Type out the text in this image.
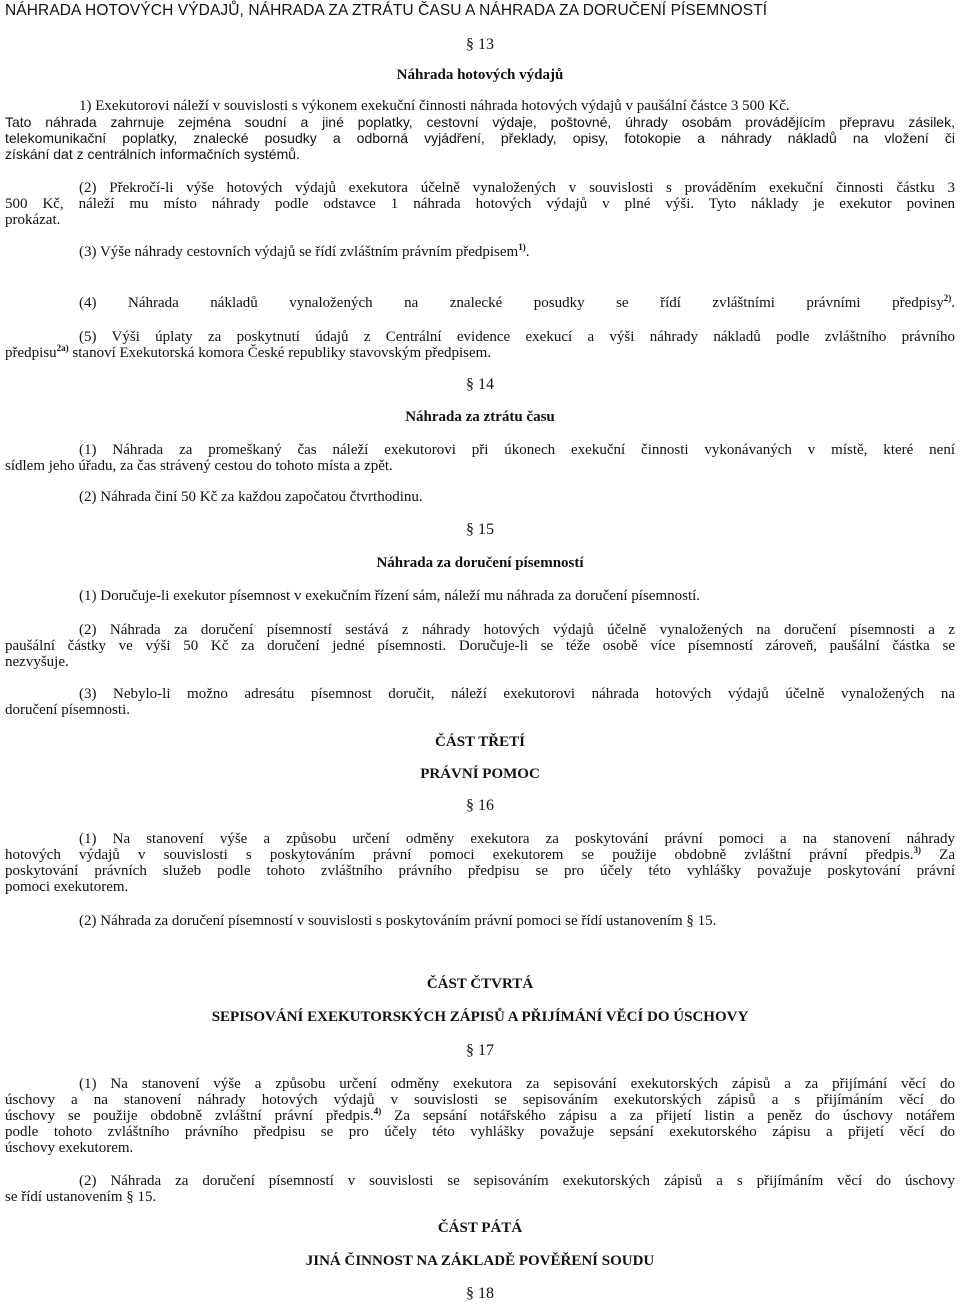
NÁHRADA HOTOVÝCH VÝDAJŮ, NÁHRADA ZA ZTRÁTU ČASU A NÁHRADA ZA DORUČENÍ PÍSEMNOSTÍ
§ 13
Náhrada hotových výdajů
1) Exekutorovi náleží v souvislosti s výkonem exekuční činnosti náhrada hotových výdajů v paušální částce 3 500 Kč.
Tato náhrada zahrnuje zejména soudní a jiné poplatky, cestovní výdaje, poštovné, úhrady osobám provádějícím přepravu zásilek,
telekomunikační poplatky, znalecké posudky a odborná vyjádření, překlady, opisy, fotokopie a náhrady nákladů na vložení či
získání dat z centrálních informačních systémů.
(2) Překročí-li výše hotových výdajů exekutora účelně vynaložených v souvislosti s prováděním exekuční činnosti částku 3
500 Kč, náleží mu místo náhrady podle odstavce 1 náhrada hotových výdajů v plné výši. Tyto náklady je exekutor povinen
prokázat.
(3) Výše náhrady cestovních výdajů se řídí zvláštním právním předpisem$^{1)}$.
(4) Náhrada nákladů vynaložených na znalecké posudky se řídí zvláštními právními předpisy$^{2)}$.
(5) Výši úplaty za poskytnutí údajů z Centrální evidence exekucí a výši náhrady nákladů podle zvláštního právního
předpisu$^{2a)}$ stanoví Exekutorská komora České republiky stavovským předpisem.
§ 14
Náhrada za ztrátu času
(1) Náhrada za promeškaný čas náleží exekutorovi při úkonech exekuční činnosti vykonávaných v místě, které není
sídlem jeho úřadu, za čas strávený cestou do tohoto místa a zpět.
(2) Náhrada činí 50 Kč za každou započatou čtvrthodinu.
§ 15
Náhrada za doručení písemností
(1) Doručuje-li exekutor písemnost v exekučním řízení sám, náleží mu náhrada za doručení písemností.
(2) Náhrada za doručení písemností sestává z náhrady hotových výdajů účelně vynaložených na doručení písemnosti a z
paušální částky ve výši 50 Kč za doručení jedné písemnosti. Doručuje-li se téže osobě více písemností zároveň, paušální částka se
nezvyšuje.
(3) Nebylo-li možno adresátu písemnost doručit, náleží exekutorovi náhrada hotových výdajů účelně vynaložených na
doručení písemnosti.
ČÁST TŘETÍ
PRÁVNÍ POMOC
§ 16
(1) Na stanovení výše a způsobu určení odměny exekutora za poskytování právní pomoci a na stanovení náhrady
hotových výdajů v souvislosti s poskytováním právní pomoci exekutorem se použije obdobně zvláštní právní předpis.$^{3)}$ Za
poskytování právních služeb podle tohoto zvláštního právního předpisu se pro účely této vyhlášky považuje poskytování právní
pomoci exekutorem.
(2) Náhrada za doručení písemností v souvislosti s poskytováním právní pomoci se řídí ustanovením § 15.
ČÁST ČTVRTÁ
SEPISOVÁNÍ EXEKUTORSKÝCH ZÁPISŮ A PŘIJÍMÁNÍ VĚCÍ DO ÚSCHOVY
§ 17
(1) Na stanovení výše a způsobu určení odměny exekutora za sepisování exekutorských zápisů a za přijímání věcí do
úschovy a na stanovení náhrady hotových výdajů v souvislosti se sepisováním exekutorských zápisů a s přijímáním věcí do
úschovy se použije obdobně zvláštní právní předpis.$^{4)}$ Za sepsání notářského zápisu a za přijetí listin a peněz do úschovy notářem
podle tohoto zvláštního právního předpisu se pro účely této vyhlášky považuje sepsání exekutorského zápisu a přijetí věcí do
úschovy exekutorem.
(2) Náhrada za doručení písemností v souvislosti se sepisováním exekutorských zápisů a s přijímáním věcí do úschovy
se řídí ustanovením § 15.
ČÁST PÁTÁ
JINÁ ČINNOST NA ZÁKLADĚ POVĚŘENÍ SOUDU
§ 18
